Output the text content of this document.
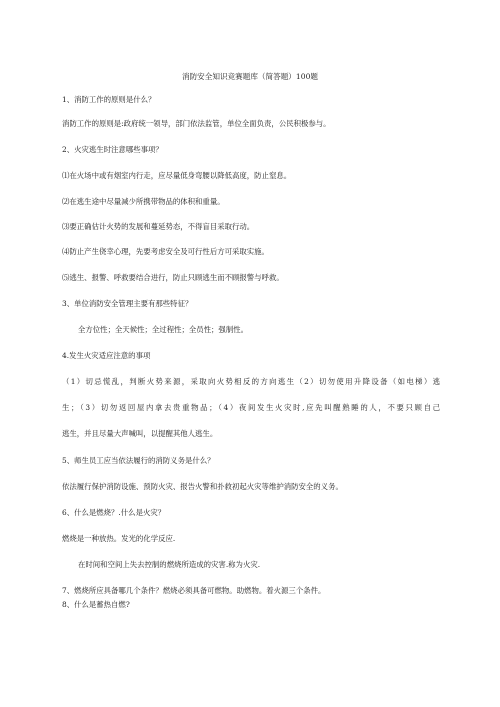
消防安全知识竞赛题库（简答题）100题
1、消防工作的原则是什么？
消防工作的原则是:政府统一领导，部门依法监管，单位全面负责，公民积极参与。
2、火灾逃生时注意哪些事项？
⑴在火场中或有烟室内行走，应尽量低身弯腰以降低高度，防止窒息。
⑵在逃生途中尽量减少所携带物品的体积和重量。
⑶要正确估计火势的发展和蔓延势态，不得盲目采取行动。
⑷防止产生侥幸心理，先要考虑安全及可行性后方可采取实施。
⑸逃生、报警、呼救要结合进行，防止只顾逃生而不顾报警与呼救。
3、单位消防安全管理主要有那些特征？
全方位性；全天候性；全过程性；全员性；强制性。
4.发生火灾适应注意的事项
（1）切忌慌乱，判断火势来源，采取向火势相反的方向逃生（2）切勿使用升降设备（如电梯）逃
生；（3）切勿返回屋内拿去贵重物品；（4）夜间发生火灾时,应先叫醒熟睡的人，不要只顾自己
逃生，并且尽量大声喊叫，以提醒其他人逃生。
5、师生员工应当依法履行的消防义务是什么？
依法履行保护消防设施、预防火灾、报告火警和扑救初起火灾等维护消防安全的义务。
6、什么是燃烧？.什么是火灾？
燃烧是一种放热。发光的化学反应.
在时间和空间上失去控制的燃烧所造成的灾害.称为火灾.
7、燃烧所应具备哪几个条件？燃烧必须具备可燃物。助燃物。着火源三个条件。
8、什么是蓄热自燃?
